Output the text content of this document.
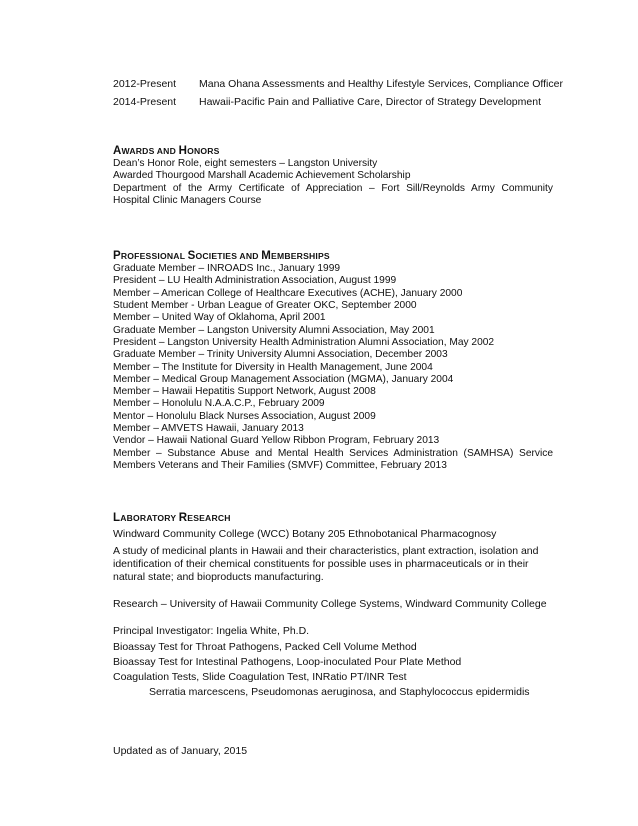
2012-Present	Mana Ohana Assessments and Healthy Lifestyle Services, Compliance Officer
2014-Present	Hawaii-Pacific Pain and Palliative Care, Director of Strategy Development
AWARDS AND HONORS
Dean’s Honor Role, eight semesters – Langston University
Awarded Thourgood Marshall Academic Achievement Scholarship
Department of the Army Certificate of Appreciation – Fort Sill/Reynolds Army Community
Hospital Clinic Managers Course
PROFESSIONAL SOCIETIES AND MEMBERSHIPS
Graduate Member – INROADS Inc., January 1999
President – LU Health Administration Association, August 1999
Member – American College of Healthcare Executives (ACHE), January 2000
Student Member - Urban League of Greater OKC, September 2000
Member – United Way of Oklahoma, April 2001
Graduate Member – Langston University Alumni Association, May 2001
President – Langston University Health Administration Alumni Association, May 2002
Graduate Member – Trinity University Alumni Association, December 2003
Member – The Institute for Diversity in Health Management, June 2004
Member – Medical Group Management Association (MGMA), January 2004
Member – Hawaii Hepatitis Support Network, August 2008
Member – Honolulu N.A.A.C.P., February 2009
Mentor – Honolulu Black Nurses Association, August 2009
Member – AMVETS Hawaii, January 2013
Vendor – Hawaii National Guard Yellow Ribbon Program, February 2013
Member – Substance Abuse and Mental Health Services Administration (SAMHSA) Service
Members Veterans and Their Families (SMVF) Committee, February 2013
LABORATORY RESEARCH

Windward Community College (WCC) Botany 205 Ethnobotanical Pharmacognosy

A study of medicinal plants in Hawaii and their characteristics, plant extraction, isolation and identification of their chemical constituents for possible uses in pharmaceuticals or in their natural state; and bioproducts manufacturing.

Research – University of Hawaii Community College Systems, Windward Community College

Principal Investigator: Ingelia White, Ph.D.

Bioassay Test for Throat Pathogens, Packed Cell Volume Method

Bioassay Test for Intestinal Pathogens, Loop-inoculated Pour Plate Method

Coagulation Tests, Slide Coagulation Test, INRatio PT/INR Test

Serratia marcescens, Pseudomonas aeruginosa, and Staphylococcus epidermidis

Updated as of January, 2015
